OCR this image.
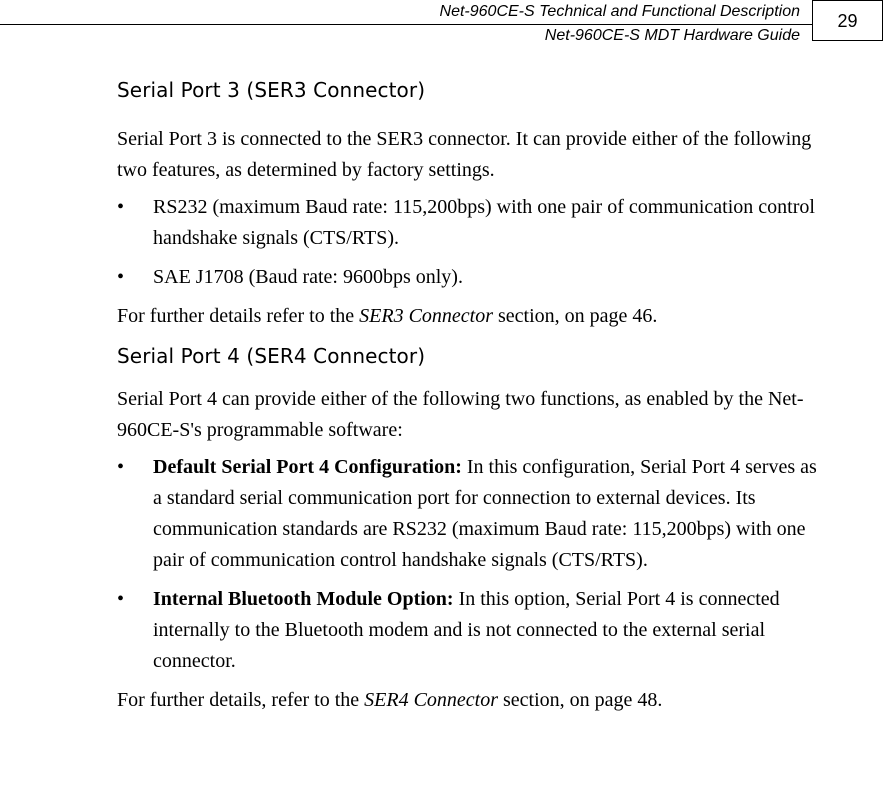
Net-960CE-S Technical and Functional Description
Net-960CE-S MDT Hardware Guide
29
Serial Port 3 (SER3 Connector)

Serial Port 3 is connected to the SER3 connector. It can provide either of the following two features, as determined by factory settings.

•	RS232 (maximum Baud rate: 115,200bps) with one pair of communication control handshake signals (CTS/RTS).
•	SAE J1708 (Baud rate: 9600bps only).

For further details refer to the SER3 Connector section, on page 46.

Serial Port 4 (SER4 Connector)

Serial Port 4 can provide either of the following two functions, as enabled by the Net-960CE-S's programmable software:

•	Default Serial Port 4 Configuration: In this configuration, Serial Port 4 serves as a standard serial communication port for connection to external devices. Its communication standards are RS232 (maximum Baud rate: 115,200bps) with one pair of communication control handshake signals (CTS/RTS).
•	Internal Bluetooth Module Option: In this option, Serial Port 4 is connected internally to the Bluetooth modem and is not connected to the external serial connector.

For further details, refer to the SER4 Connector section, on page 48.
